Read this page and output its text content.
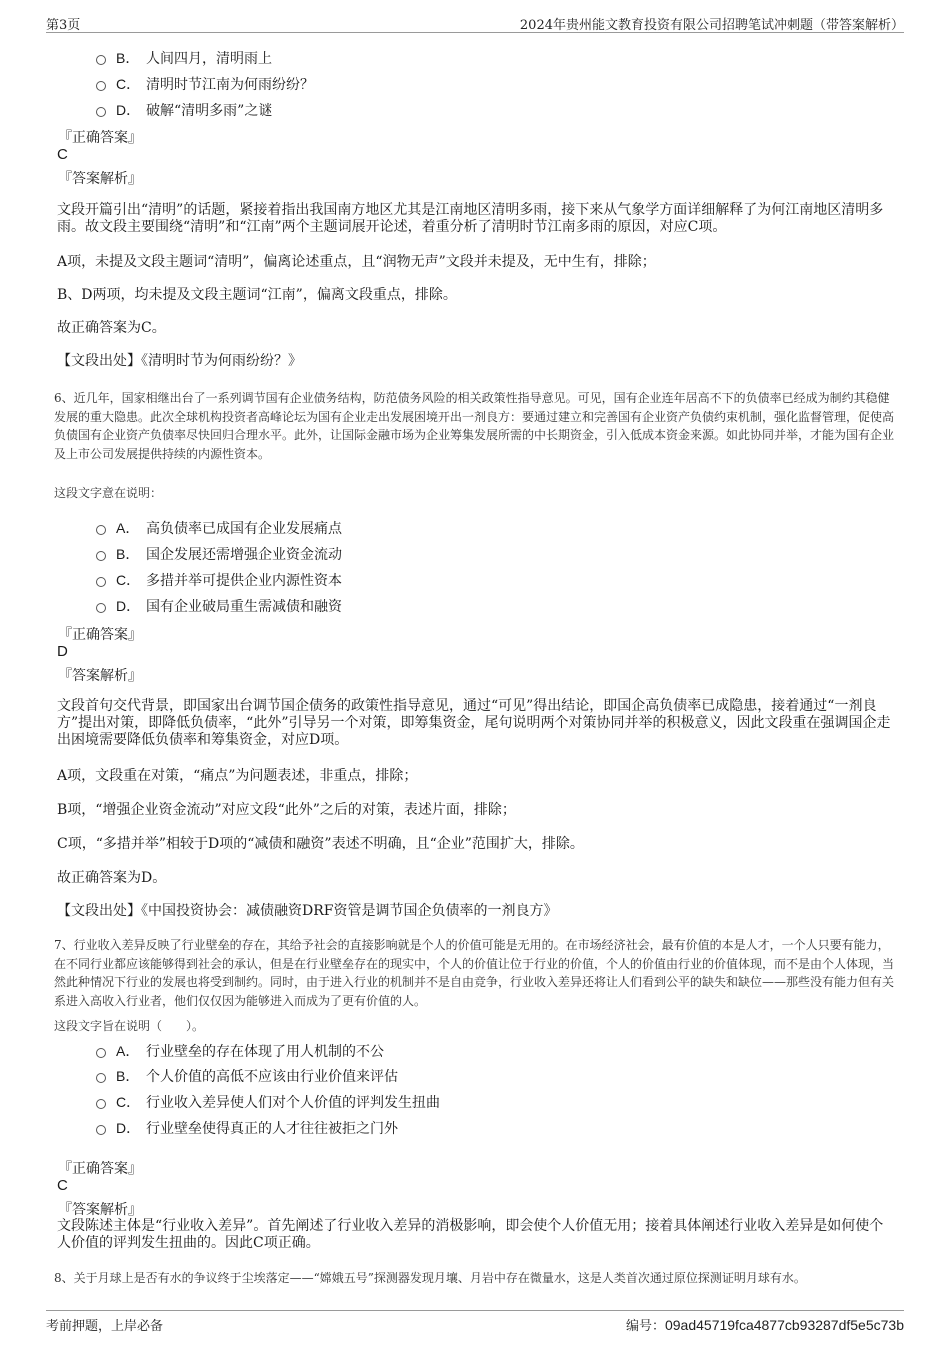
第3页	2024年贵州能文教育投资有限公司招聘笔试冲刺题（带答案解析）
B． 人间四月，清明雨上
C． 清明时节江南为何雨纷纷？
D． 破解“清明多雨”之谜
『正确答案』
C
『答案解析』
文段开篇引出“清明”的话题，紧接着指出我国南方地区尤其是江南地区清明多雨，接下来从气象学方面详细解释了为何江南地区清明多雨。故文段主要围绕“清明”和“江南”两个主题词展开论述，着重分析了清明时节江南多雨的原因，对应C项。
A项，未提及文段主题词“清明”，偏离论述重点，且“润物无声”文段并未提及，无中生有，排除；
B、D两项，均未提及文段主题词“江南”，偏离文段重点，排除。
故正确答案为C。
【文段出处】《清明时节为何雨纷纷？》
6、近几年，国家相继出台了一系列调节国有企业债务结构，防范债务风险的相关政策性指导意见。可见，国有企业连年居高不下的负债率已经成为制约其稳健发展的重大隐患。此次全球机构投资者高峰论坛为国有企业走出发展困境开出一剂良方：要通过建立和完善国有企业资产负债约束机制，强化监督管理，促使高负债国有企业资产负债率尽快回归合理水平。此外，让国际金融市场为企业筹集发展所需的中长期资金，引入低成本资金来源。如此协同并举，才能为国有企业及上市公司发展提供持续的内源性资本。
这段文字意在说明：
A． 高负债率已成国有企业发展痛点
B． 国企发展还需增强企业资金流动
C． 多措并举可提供企业内源性资本
D． 国有企业破局重生需减债和融资
『正确答案』
D
『答案解析』
文段首句交代背景，即国家出台调节国企债务的政策性指导意见，通过“可见”得出结论，即国企高负债率已成隐患，接着通过“一剂良方”提出对策，即降低负债率，“此外”引导另一个对策，即筹集资金，尾句说明两个对策协同并举的积极意义，因此文段重在强调国企走出困境需要降低负债率和筹集资金，对应D项。
A项，文段重在对策，“痛点”为问题表述，非重点，排除；
B项，“增强企业资金流动”对应文段“此外”之后的对策，表述片面，排除；
C项，“多措并举”相较于D项的“减债和融资”表述不明确，且“企业”范围扩大，排除。
故正确答案为D。
【文段出处】《中国投资协会：减债融资DRF资管是调节国企负债率的一剂良方》
7、行业收入差异反映了行业壁垒的存在，其给予社会的直接影响就是个人的价值可能是无用的。在市场经济社会，最有价值的本是人才，一个人只要有能力，在不同行业都应该能够得到社会的承认，但是在行业壁垒存在的现实中，个人的价值让位于行业的价值，个人的价值由行业的价值体现，而不是由个人体现，当然此种情况下行业的发展也将受到制约。同时，由于进入行业的机制并不是自由竞争，行业收入差异还将让人们看到公平的缺失和缺位——那些没有能力但有关系进入高收入行业者，他们仅仅因为能够进入而成为了更有价值的人。
这段文字旨在说明（　　）。
A． 行业壁垒的存在体现了用人机制的不公
B． 个人价值的高低不应该由行业价值来评估
C． 行业收入差异使人们对个人价值的评判发生扭曲
D． 行业壁垒使得真正的人才往往被拒之门外
『正确答案』
C
『答案解析』
文段陈述主体是“行业收入差异”。首先阐述了行业收入差异的消极影响，即会使个人价值无用；接着具体阐述行业收入差异是如何使个人价值的评判发生扭曲的。因此C项正确。
8、关于月球上是否有水的争议终于尘埃落定——“嫦娥五号”探测器发现月壤、月岩中存在微量水，这是人类首次通过原位探测证明月球有水。
考前押题，上岸必备	编号：09ad45719fca4877cb93287df5e5c73b
